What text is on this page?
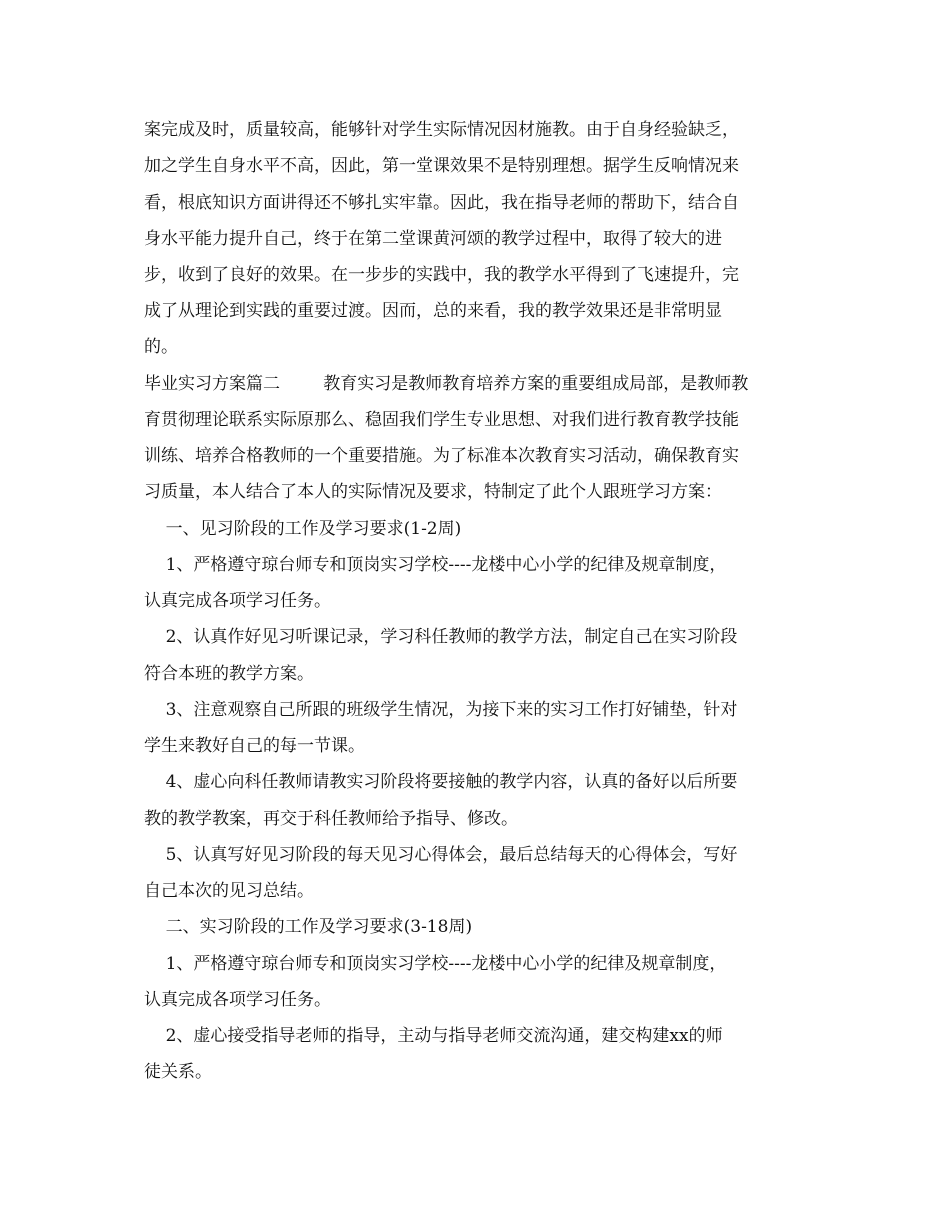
案完成及时，质量较高，能够针对学生实际情况因材施教。由于自身经验缺乏，
加之学生自身水平不高，因此，第一堂课效果不是特别理想。据学生反响情况来
看，根底知识方面讲得还不够扎实牢靠。因此，我在指导老师的帮助下，结合自
身水平能力提升自己，终于在第二堂课黄河颂的教学过程中，取得了较大的进
步，收到了良好的效果。在一步步的实践中，我的教学水平得到了飞速提升，完
成了从理论到实践的重要过渡。因而，总的来看，我的教学效果还是非常明显
的。
毕业实习方案篇二        教育实习是教师教育培养方案的重要组成局部，是教师教
育贯彻理论联系实际原那么、稳固我们学生专业思想、对我们进行教育教学技能
训练、培养合格教师的一个重要措施。为了标准本次教育实习活动，确保教育实
习质量，本人结合了本人的实际情况及要求，特制定了此个人跟班学习方案：
一、见习阶段的工作及学习要求(1-2周)
1、严格遵守琼台师专和顶岗实习学校----龙楼中心小学的纪律及规章制度，
认真完成各项学习任务。
2、认真作好见习听课记录，学习科任教师的教学方法，制定自己在实习阶段
符合本班的教学方案。
3、注意观察自己所跟的班级学生情况，为接下来的实习工作打好铺垫，针对
学生来教好自己的每一节课。
4、虚心向科任教师请教实习阶段将要接触的教学内容，认真的备好以后所要
教的教学教案，再交于科任教师给予指导、修改。
5、认真写好见习阶段的每天见习心得体会，最后总结每天的心得体会，写好
自己本次的见习总结。
二、实习阶段的工作及学习要求(3-18周)
1、严格遵守琼台师专和顶岗实习学校----龙楼中心小学的纪律及规章制度，
认真完成各项学习任务。
2、虚心接受指导老师的指导，主动与指导老师交流沟通，建交构建xx的师
徒关系。
